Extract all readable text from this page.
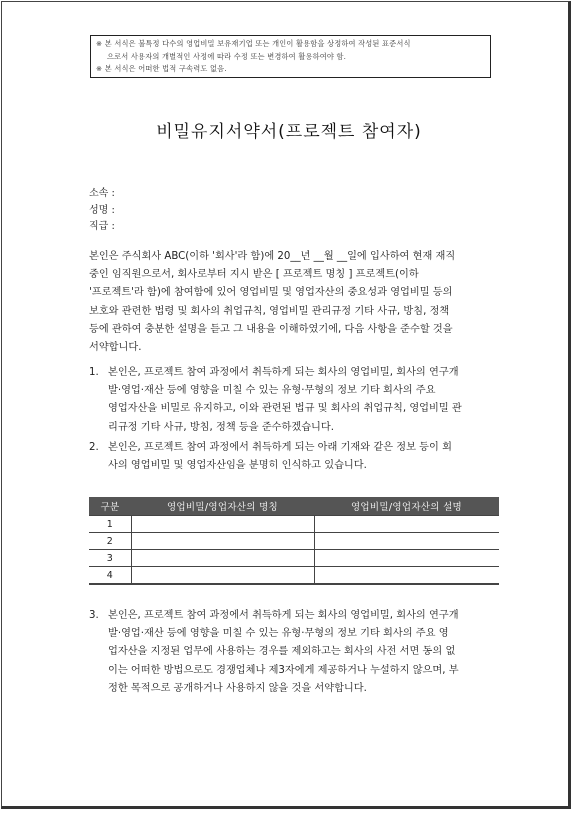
※ 본 서식은 불특정 다수의 영업비밀 보유재기업 또는 개인이 활용함을 상정하여 작성된 표준서식
으로서 사용자의 개별적인 사정에 따라 수정 또는 변경하여 활용하여야 함.
※ 본 서식은 어떠한 법적 구속력도 없음.
비밀유지서약서(프로젝트 참여자)
소속 :
성명 :
직급 :
본인은 주식회사 ABC(이하 '회사'라 함)에 20__년 __월 __일에 입사하여 현재 재직
중인 임직원으로서, 회사로부터 지시 받은 [ 프로젝트 명칭 ] 프로젝트(이하
'프로젝트'라 함)에 참여함에 있어 영업비밀 및 영업자산의 중요성과 영업비밀 등의
보호와 관련한 법령 및 회사의 취업규칙, 영업비밀 관리규정 기타 사규, 방침, 정책
등에 관하여 충분한 설명을 듣고 그 내용을 이해하였기에, 다음 사항을 준수할 것을
서약합니다.
1. 본인은, 프로젝트 참여 과정에서 취득하게 되는 회사의 영업비밀, 회사의 연구개
발·영업·재산 등에 영향을 미칠 수 있는 유형·무형의 정보 기타 회사의 주요
영업자산을 비밀로 유지하고, 이와 관련된 법규 및 회사의 취업규칙, 영업비밀 관
리규정 기타 사규, 방침, 정책 등을 준수하겠습니다.
2. 본인은, 프로젝트 참여 과정에서 취득하게 되는 아래 기재와 같은 정보 등이 회
사의 영업비밀 및 영업자산임을 분명히 인식하고 있습니다.
구분	영업비밀/영업자산의 명칭	영업비밀/영업자산의 설명
1		
2		
3		
4		
3. 본인은, 프로젝트 참여 과정에서 취득하게 되는 회사의 영업비밀, 회사의 연구개
발·영업·재산 등에 영향을 미칠 수 있는 유형·무형의 정보 기타 회사의 주요 영
업자산을 지정된 업무에 사용하는 경우를 제외하고는 회사의 사전 서면 동의 없
이는 어떠한 방법으로도 경쟁업체나 제3자에게 제공하거나 누설하지 않으며, 부
정한 목적으로 공개하거나 사용하지 않을 것을 서약합니다.
